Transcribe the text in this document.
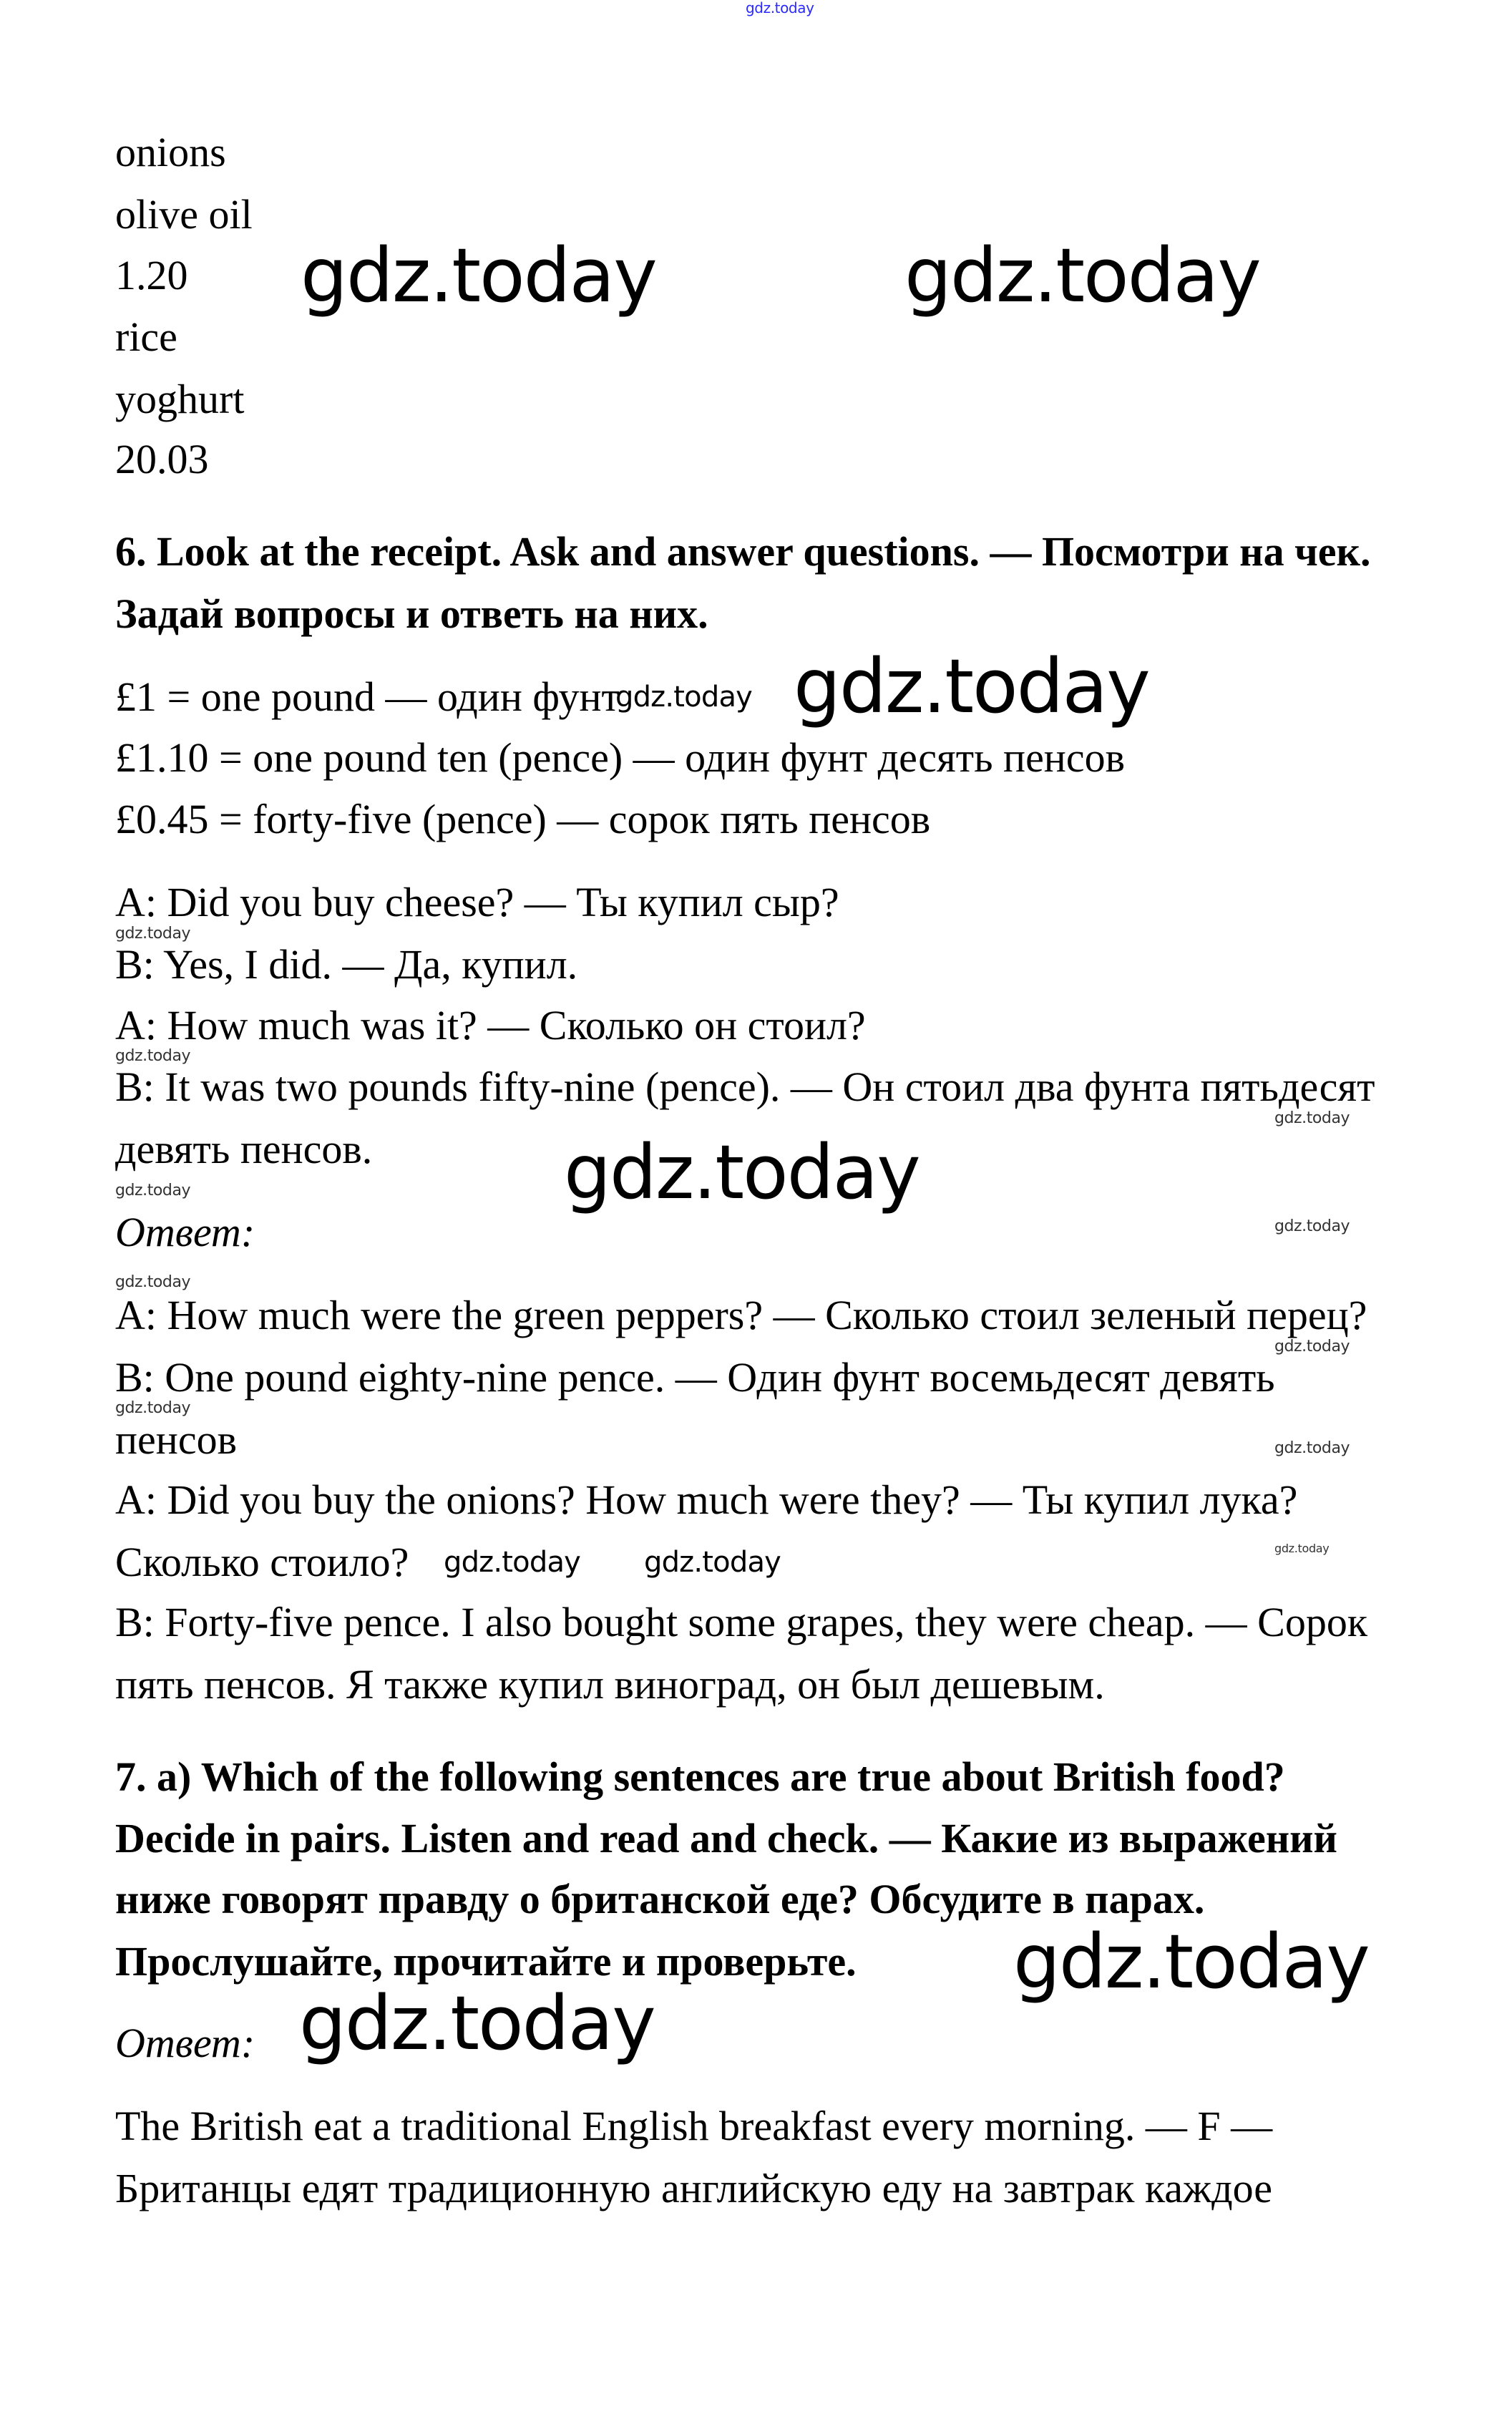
onions
olive oil
1.20
rice
yoghurt
20.03
6. Look at the receipt. Ask and answer questions. — Посмотри на чек.
Задай вопросы и ответь на них.
£1 = one pound — один фунт
£1.10 = one pound ten (pence) — один фунт десять пенсов
£0.45 = forty-five (pence) — сорок пять пенсов
A: Did you buy cheese? — Ты купил сыр?
B: Yes, I did. — Да, купил.
A: How much was it? — Сколько он стоил?
B: It was two pounds fifty-nine (pence). — Он стоил два фунта пятьдесят
девять пенсов.
Ответ:
A: How much were the green peppers? — Сколько стоил зеленый перец?
B: One pound eighty-nine pence. — Один фунт восемьдесят девять
пенсов
A: Did you buy the onions? How much were they? — Ты купил лука?
Сколько стоило?
B: Forty-five pence. I also bought some grapes, they were cheap. — Сорок
пять пенсов. Я также купил виноград, он был дешевым.
7. a) Which of the following sentences are true about British food?
Decide in pairs. Listen and read and check. — Какие из выражений
ниже говорят правду о британской еде? Обсудите в парах.
Прослушайте, прочитайте и проверьте.
Ответ:
The British eat a traditional English breakfast every morning. — F —
Британцы едят традиционную английскую еду на завтрак каждое
gdz.today
gdz.today	gdz.today
gdz.today
gdz.today
gdz.today
gdz.today
gdz.today
gdz.today gdz.today
gdz.today
gdz.today
gdz.today
gdz.today
gdz.today
gdz.today
gdz.today
gdz.today
gdz.today
gdz.today
